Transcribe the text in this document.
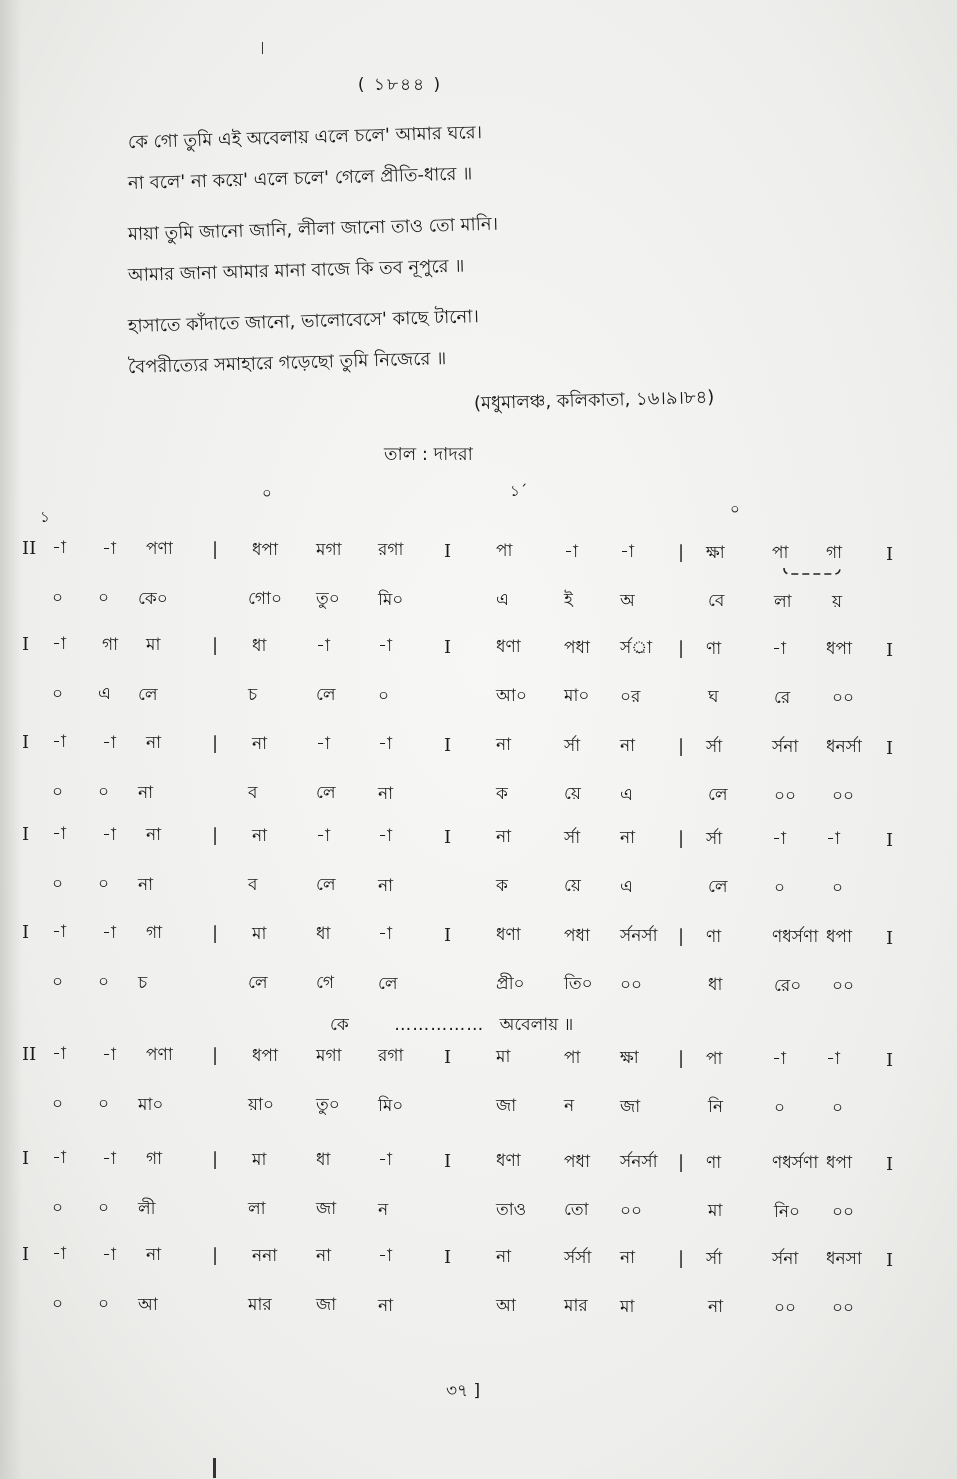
( ১৮৪৪ )
কে গো তুমি এই অবেলায় এলে চলে' আমার ঘরে।
না বলে' না কয়ে' এলে চলে' গেলে প্রীতি-ধারে ॥
মায়া তুমি জানো জানি, লীলা জানো তাও তো মানি।
আমার জানা আমার মানা বাজে কি তব নূপুরে ॥
হাসাতে কাঁদাতে জানো, ভালোবেসে' কাছে টানো।
বৈপরীত্যের সমাহারে গড়েছো তুমি নিজেরে ॥
(মধুমালঞ্চ, কলিকাতা, ১৬।৯।৮৪)
তাল : দাদরা
১
০	১´
০
II -া -া পণা | ধপা মগা রগা I	পা	-া -া | ক্ষা	পা গা I
০ ০ কে০	গো০ তু০ মি০	এ	ই	অ	বে	লা য়
I -া গা মা	| ধা	-া	-া	I	ধণা	পধা র্সর্া | ণা	-া ধপা I
০ এ লে	চ	লে ০	আ০ মা০ ০র	ঘ	রে ০০
I -া -া না	| না	-া	-া	I	না	র্সা না | র্সা	র্সনা ধনর্সা I
০ ০ না	ব	লে না	ক	য়ে এ	লে	০০ ০০
I -া -া না	| না	-া	-া	I	না	র্সা না | র্সা	-া -া	I
০ ০ না	ব	লে না	ক	য়ে এ	লে	০	০
I -া -া গা	| মা	ধা	-া	I	ধণা	পধা র্সনর্সা | ণা	ণধর্সণা ধপা I
০ ০ চ	লে	গে	লে	প্রী০ তি০ ০০	ধা	রে০ ০০
II -া -া পণা | ধপা মগা রগা I	মা	পা ক্ষা | পা	-া -া	I
০ ০ মা০	য়া০ তু০ মি০	জা	ন	জা	নি	০	০
I -া -া গা	| মা	ধা	-া	I	ধণা	পধা র্সনর্সা | ণা	ণধর্সণা ধপা I
০ ০ লী	লা	জা ন	তাও তো ০০	মা	নি০ ০০
I -া -া না	| ননা না	-া	I	না	র্সর্সা না | র্সা	র্সনা ধনসা I
০ ০ আ	মার	জা না	আ	মার মা	না	০০ ০০
কে	…………… অবেলায় ॥
৩৭ ]
